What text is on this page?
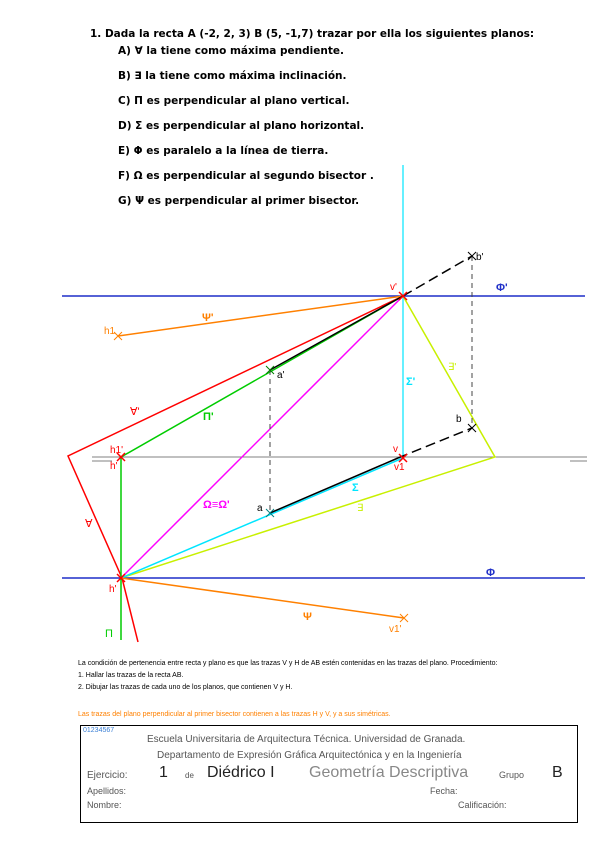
1. Dada la recta A (-2, 2, 3) B (5, -1,7) trazar por ella los siguientes planos:
A) ∀ la tiene como máxima pendiente.
B) ∃ la tiene como máxima inclinación.
C) Π es perpendicular al plano vertical.
D) Σ es perpendicular al plano horizontal.
E) Φ es paralelo a la línea de tierra.
F) Ω es perpendicular al segundo bisector .
G) Ψ es perpendicular al primer bisector.
b'
v'	Φ'
h1
Ψ'
a'
Σ'
∃'
∀'	Π'	b
h1'
h'
v
v1
Σ
Ω≡Ω'	a	∃
∀
Φ
h'
Ψ
v1'
Π
La condición de pertenencia entre recta y plano es que las trazas V y H de AB estén contenidas en las trazas del plano. Procedimiento:
1. Hallar las trazas de la recta AB.
2. Dibujar las trazas de cada uno de los planos, que contienen V y H.
Las trazas del plano perpendicular al primer bisector contienen a las trazas H y V, y a sus simétricas.
01234567
Escuela Universitaria de Arquitectura Técnica. Universidad de Granada.
Departamento de Expresión Gráfica Arquitectónica y en la Ingeniería
Ejercicio: 1 de Diédrico I Geometría Descriptiva	Grupo B
Apellidos:	Fecha:
Nombre:	Calificación:
